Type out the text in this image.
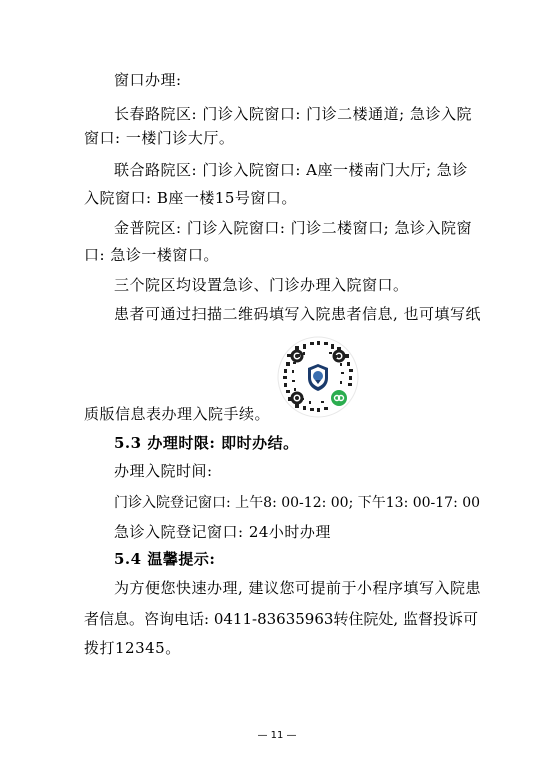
窗口办理:
长春路院区: 门诊入院窗口: 门诊二楼通道; 急诊入院
窗口: 一楼门诊大厅。
联合路院区: 门诊入院窗口: A座一楼南门大厅; 急诊
入院窗口: B座一楼15号窗口。
金普院区: 门诊入院窗口: 门诊二楼窗口; 急诊入院窗
口: 急诊一楼窗口。
三个院区均设置急诊、门诊办理入院窗口。
患者可通过扫描二维码填写入院患者信息, 也可填写纸
质版信息表办理入院手续。
5.3 办理时限: 即时办结。
办理入院时间:
门诊入院登记窗口: 上午8: 00-12: 00; 下午13: 00-17: 00
急诊入院登记窗口: 24小时办理
5.4 温馨提示:
为方便您快速办理, 建议您可提前于小程序填写入院患
者信息。咨询电话: 0411-83635963转住院处, 监督投诉可
拨打12345。
— 11 —
